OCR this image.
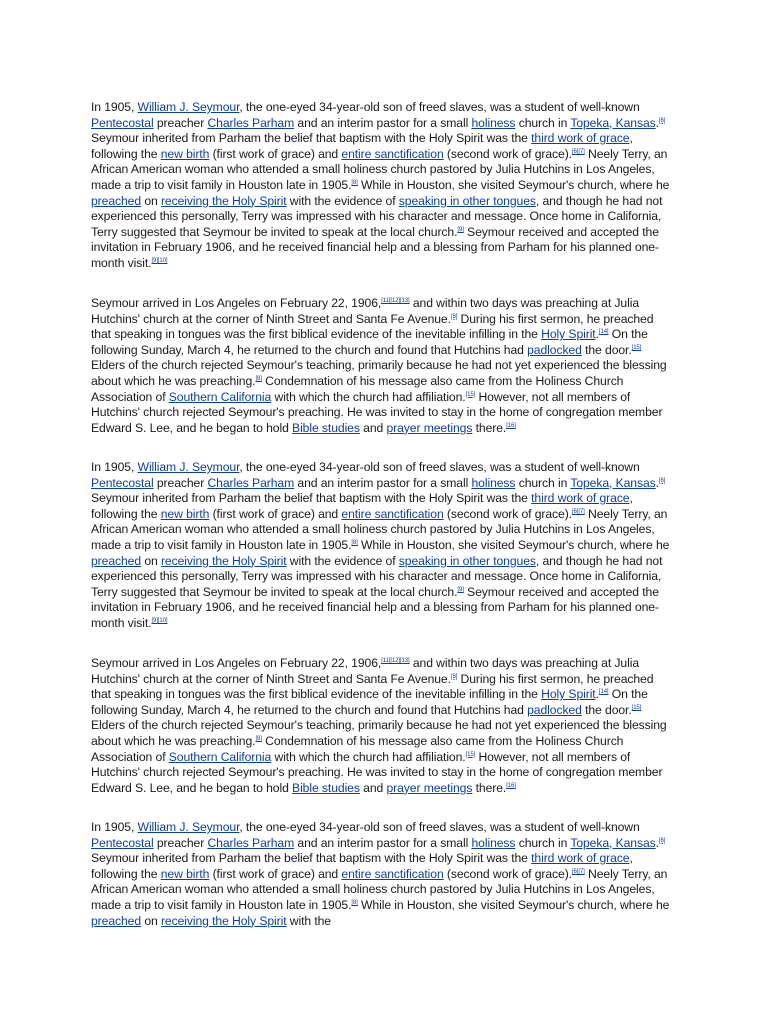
In 1905, William J. Seymour, the one-eyed 34-year-old son of freed slaves, was a student of well-known Pentecostal preacher Charles Parham and an interim pastor for a small holiness church in Topeka, Kansas.[6] Seymour inherited from Parham the belief that baptism with the Holy Spirit was the third work of grace, following the new birth (first work of grace) and entire sanctification (second work of grace).[6][7] Neely Terry, an African American woman who attended a small holiness church pastored by Julia Hutchins in Los Angeles, made a trip to visit family in Houston late in 1905.[8] While in Houston, she visited Seymour's church, where he preached on receiving the Holy Spirit with the evidence of speaking in other tongues, and though he had not experienced this personally, Terry was impressed with his character and message. Once home in California, Terry suggested that Seymour be invited to speak at the local church.[9] Seymour received and accepted the invitation in February 1906, and he received financial help and a blessing from Parham for his planned one-month visit.[9][10]

Seymour arrived in Los Angeles on February 22, 1906,[11][12][13] and within two days was preaching at Julia Hutchins' church at the corner of Ninth Street and Santa Fe Avenue.[8] During his first sermon, he preached that speaking in tongues was the first biblical evidence of the inevitable infilling in the Holy Spirit.[14] On the following Sunday, March 4, he returned to the church and found that Hutchins had padlocked the door.[15] Elders of the church rejected Seymour's teaching, primarily because he had not yet experienced the blessing about which he was preaching.[8] Condemnation of his message also came from the Holiness Church Association of Southern California with which the church had affiliation.[15] However, not all members of Hutchins' church rejected Seymour's preaching. He was invited to stay in the home of congregation member Edward S. Lee, and he began to hold Bible studies and prayer meetings there.[16]

In 1905, William J. Seymour, the one-eyed 34-year-old son of freed slaves, was a student of well-known Pentecostal preacher Charles Parham and an interim pastor for a small holiness church in Topeka, Kansas.[6] Seymour inherited from Parham the belief that baptism with the Holy Spirit was the third work of grace, following the new birth (first work of grace) and entire sanctification (second work of grace).[6][7] Neely Terry, an African American woman who attended a small holiness church pastored by Julia Hutchins in Los Angeles, made a trip to visit family in Houston late in 1905.[8] While in Houston, she visited Seymour's church, where he preached on receiving the Holy Spirit with the evidence of speaking in other tongues, and though he had not experienced this personally, Terry was impressed with his character and message. Once home in California, Terry suggested that Seymour be invited to speak at the local church.[9] Seymour received and accepted the invitation in February 1906, and he received financial help and a blessing from Parham for his planned one-month visit.[9][10]

Seymour arrived in Los Angeles on February 22, 1906,[11][12][13] and within two days was preaching at Julia Hutchins' church at the corner of Ninth Street and Santa Fe Avenue.[8] During his first sermon, he preached that speaking in tongues was the first biblical evidence of the inevitable infilling in the Holy Spirit.[14] On the following Sunday, March 4, he returned to the church and found that Hutchins had padlocked the door.[15] Elders of the church rejected Seymour's teaching, primarily because he had not yet experienced the blessing about which he was preaching.[8] Condemnation of his message also came from the Holiness Church Association of Southern California with which the church had affiliation.[15] However, not all members of Hutchins' church rejected Seymour's preaching. He was invited to stay in the home of congregation member Edward S. Lee, and he began to hold Bible studies and prayer meetings there.[16]

In 1905, William J. Seymour, the one-eyed 34-year-old son of freed slaves, was a student of well-known Pentecostal preacher Charles Parham and an interim pastor for a small holiness church in Topeka, Kansas.[6] Seymour inherited from Parham the belief that baptism with the Holy Spirit was the third work of grace, following the new birth (first work of grace) and entire sanctification (second work of grace).[6][7] Neely Terry, an African American woman who attended a small holiness church pastored by Julia Hutchins in Los Angeles, made a trip to visit family in Houston late in 1905.[8] While in Houston, she visited Seymour's church, where he preached on receiving the Holy Spirit with the
